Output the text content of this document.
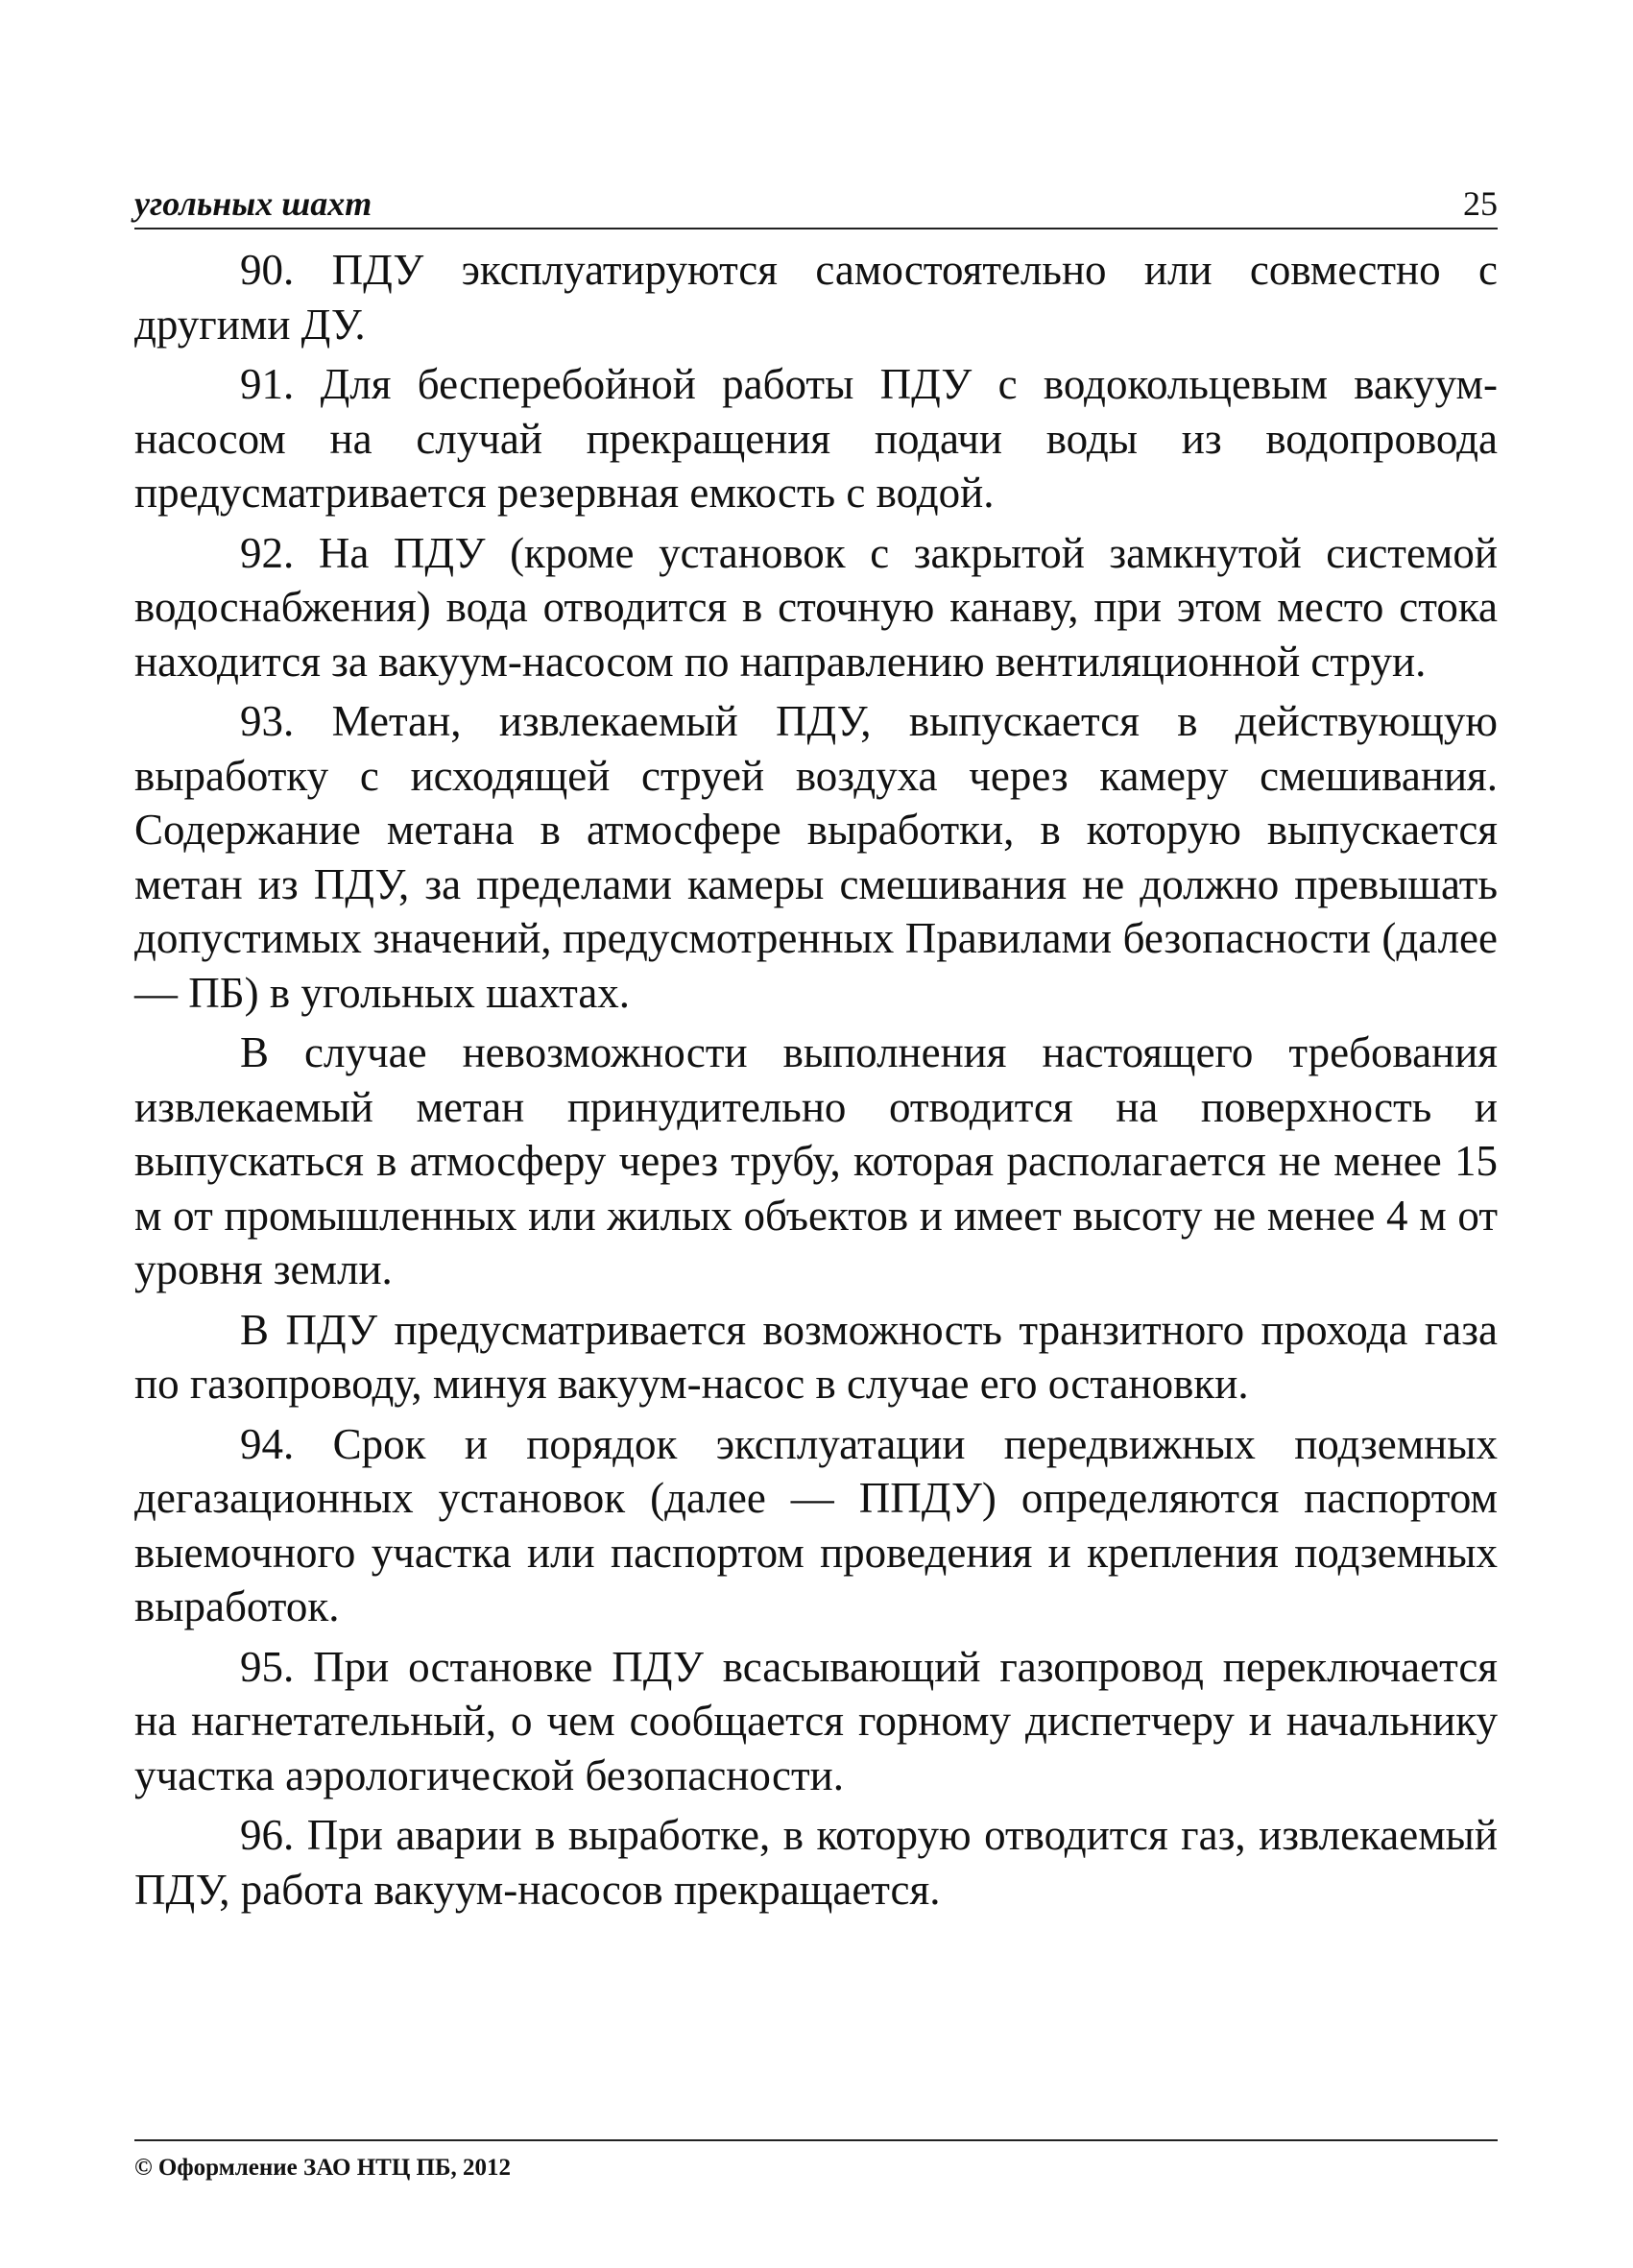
угольных шахт	25

90. ПДУ эксплуатируются самостоятельно или совместно с другими ДУ.

91. Для бесперебойной работы ПДУ с водокольцевым вакуум-насосом на случай прекращения подачи воды из водопровода предусматривается резервная емкость с водой.

92. На ПДУ (кроме установок с закрытой замкнутой системой водоснабжения) вода отводится в сточную канаву, при этом место стока находится за вакуум-насосом по направлению вентиляционной струи.

93. Метан, извлекаемый ПДУ, выпускается в действующую выработку с исходящей струей воздуха через камеру смешивания. Содержание метана в атмосфере выработки, в которую выпускается метан из ПДУ, за пределами камеры смешивания не должно превышать допустимых значений, предусмотренных Правилами безопасности (далее — ПБ) в угольных шахтах.

В случае невозможности выполнения настоящего требования извлекаемый метан принудительно отводится на поверхность и выпускаться в атмосферу через трубу, которая располагается не менее 15 м от промышленных или жилых объектов и имеет высоту не менее 4 м от уровня земли.

В ПДУ предусматривается возможность транзитного прохода газа по газопроводу, минуя вакуум-насос в случае его остановки.

94. Срок и порядок эксплуатации передвижных подземных дегазационных установок (далее — ППДУ) определяются паспортом выемочного участка или паспортом проведения и крепления подземных выработок.

95. При остановке ПДУ всасывающий газопровод переключается на нагнетательный, о чем сообщается горному диспетчеру и начальнику участка аэрологической безопасности.

96. При аварии в выработке, в которую отводится газ, извлекаемый ПДУ, работа вакуум-насосов прекращается.

© Оформление ЗАО НТЦ ПБ, 2012
